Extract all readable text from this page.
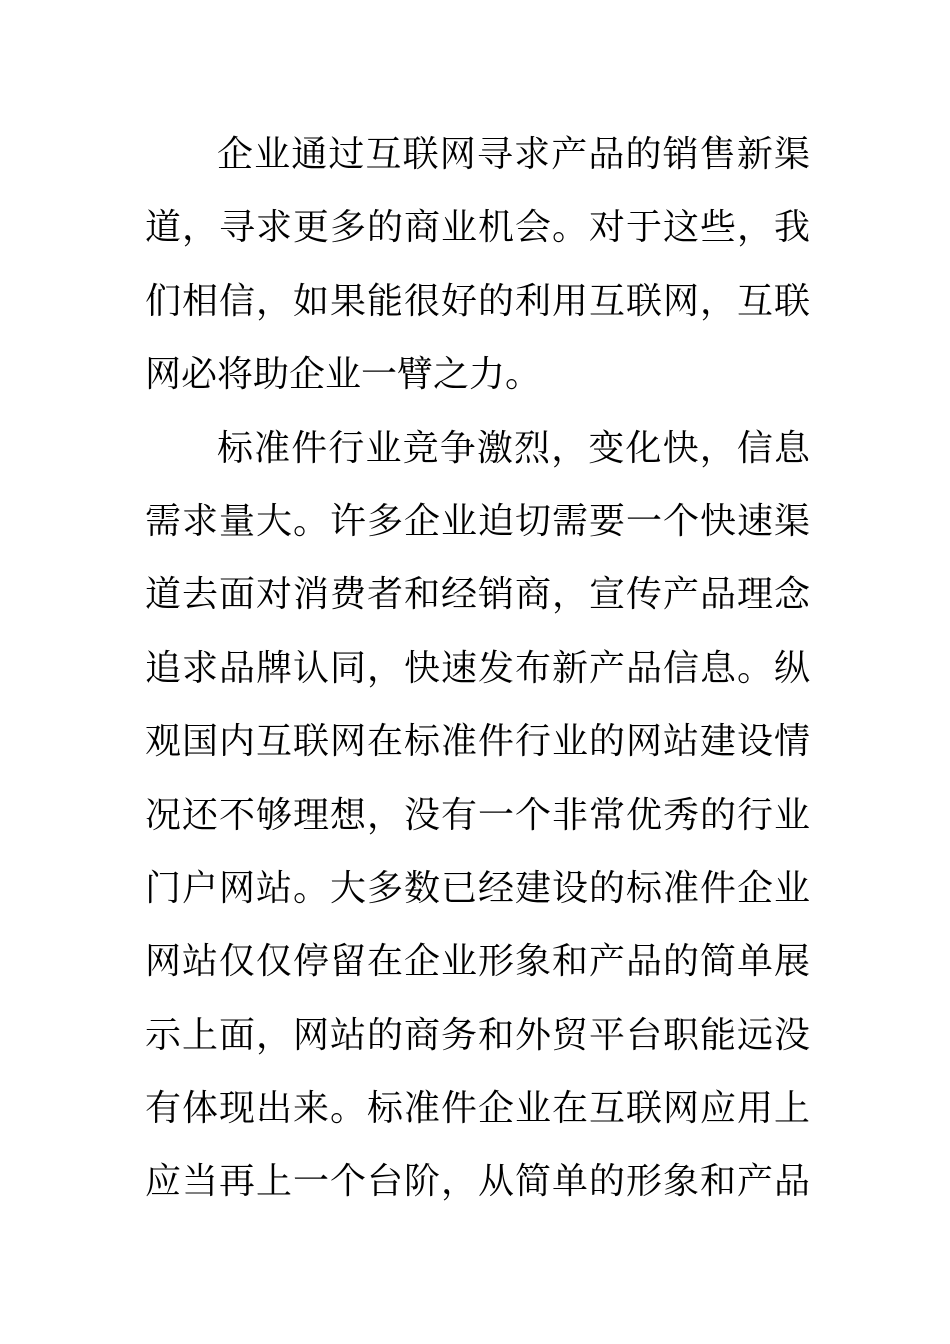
企业通过互联网寻求产品的销售新渠
道，寻求更多的商业机会。对于这些，我
们相信，如果能很好的利用互联网，互联
网必将助企业一臂之力。
标准件行业竞争激烈，变化快，信息
需求量大。许多企业迫切需要一个快速渠
道去面对消费者和经销商，宣传产品理念
追求品牌认同，快速发布新产品信息。纵
观国内互联网在标准件行业的网站建设情
况还不够理想，没有一个非常优秀的行业
门户网站。大多数已经建设的标准件企业
网站仅仅停留在企业形象和产品的简单展
示上面，网站的商务和外贸平台职能远没
有体现出来。标准件企业在互联网应用上
应当再上一个台阶，从简单的形象和产品
